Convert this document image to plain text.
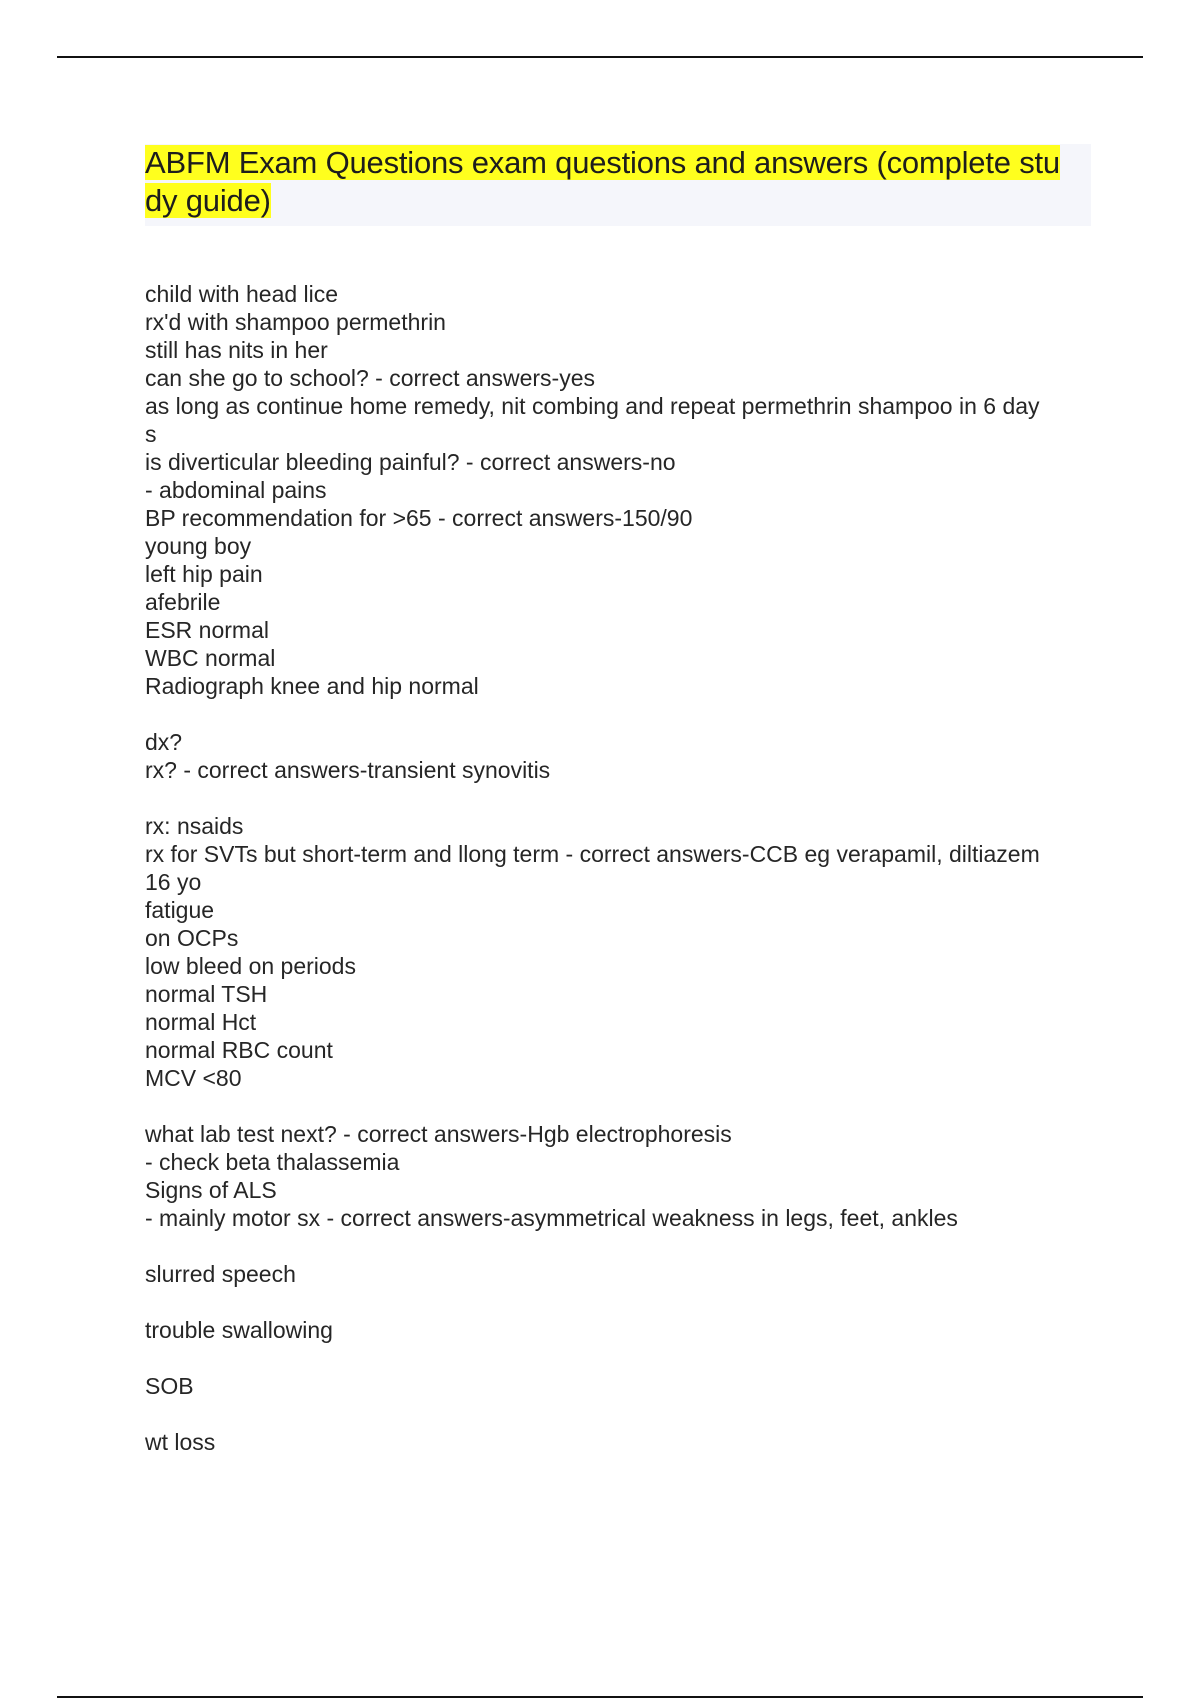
ABFM Exam Questions exam questions and answers (complete stu
dy guide)
child with head lice
rx'd with shampoo permethrin
still has nits in her
can she go to school? - correct answers-yes
as long as continue home remedy, nit combing and repeat permethrin shampoo in 6 day
s
is diverticular bleeding painful? - correct answers-no
- abdominal pains
BP recommendation for >65 - correct answers-150/90
young boy
left hip pain
afebrile
ESR normal
WBC normal
Radiograph knee and hip normal
dx?
rx? - correct answers-transient synovitis
rx: nsaids
rx for SVTs but short-term and llong term - correct answers-CCB eg verapamil, diltiazem
16 yo
fatigue
on OCPs
low bleed on periods
normal TSH
normal Hct
normal RBC count
MCV <80
what lab test next? - correct answers-Hgb electrophoresis
- check beta thalassemia
Signs of ALS
- mainly motor sx - correct answers-asymmetrical weakness in legs, feet, ankles
slurred speech
trouble swallowing
SOB
wt loss
